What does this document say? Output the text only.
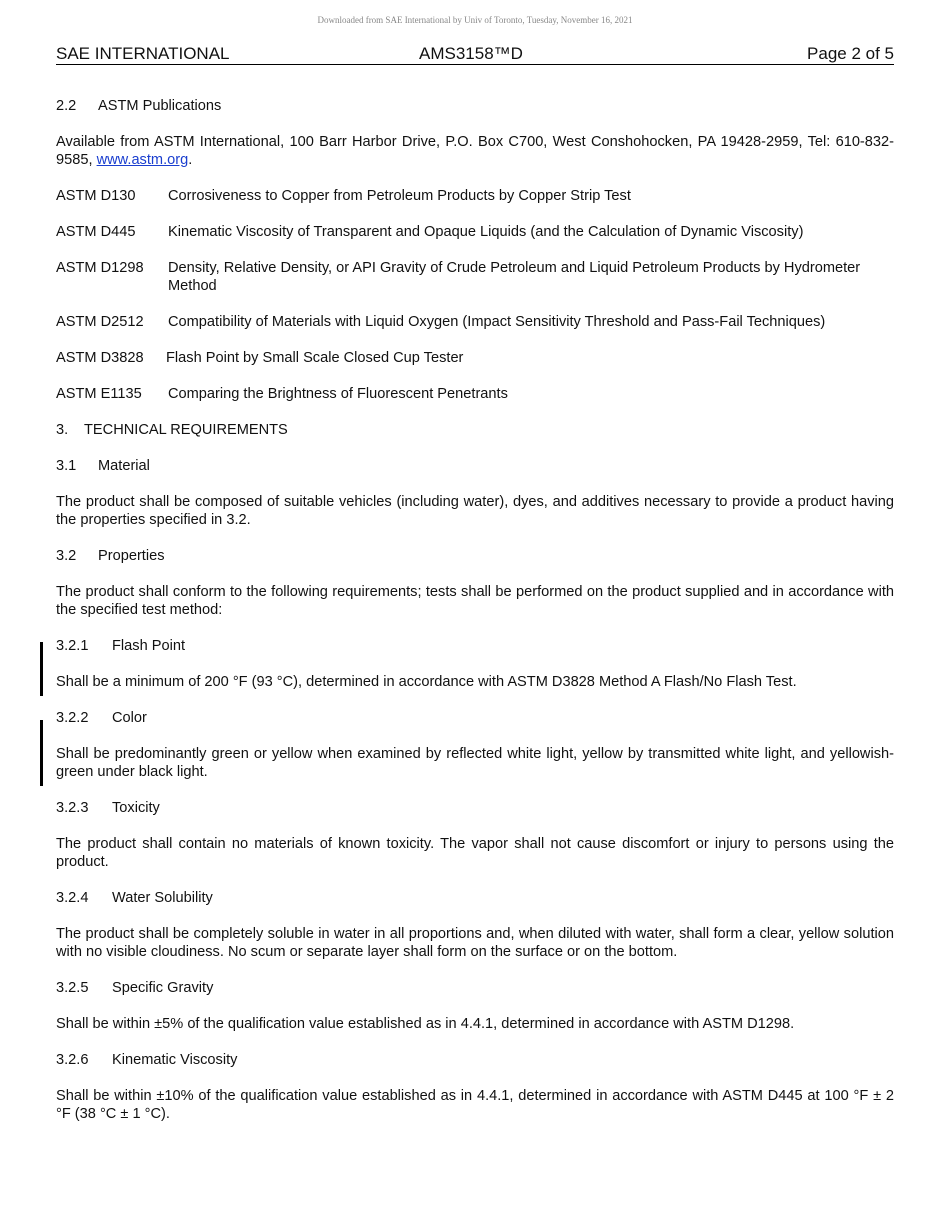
Downloaded from SAE International by Univ of Toronto, Tuesday, November 16, 2021
SAE INTERNATIONAL	AMS3158™D	Page 2 of 5
2.2 ASTM Publications
Available from ASTM International, 100 Barr Harbor Drive, P.O. Box C700, West Conshohocken, PA 19428-2959, Tel: 610-832-9585, www.astm.org.
ASTM D130	Corrosiveness to Copper from Petroleum Products by Copper Strip Test
ASTM D445	Kinematic Viscosity of Transparent and Opaque Liquids (and the Calculation of Dynamic Viscosity)
ASTM D1298	Density, Relative Density, or API Gravity of Crude Petroleum and Liquid Petroleum Products by Hydrometer Method
ASTM D2512	Compatibility of Materials with Liquid Oxygen (Impact Sensitivity Threshold and Pass-Fail Techniques)
ASTM D3828	Flash Point by Small Scale Closed Cup Tester
ASTM E1135	Comparing the Brightness of Fluorescent Penetrants
3. TECHNICAL REQUIREMENTS
3.1 Material
The product shall be composed of suitable vehicles (including water), dyes, and additives necessary to provide a product having the properties specified in 3.2.
3.2 Properties
The product shall conform to the following requirements; tests shall be performed on the product supplied and in accordance with the specified test method:
3.2.1 Flash Point
Shall be a minimum of 200 °F (93 °C), determined in accordance with ASTM D3828 Method A Flash/No Flash Test.
3.2.2 Color
Shall be predominantly green or yellow when examined by reflected white light, yellow by transmitted white light, and yellowish-green under black light.
3.2.3 Toxicity
The product shall contain no materials of known toxicity. The vapor shall not cause discomfort or injury to persons using the product.
3.2.4 Water Solubility
The product shall be completely soluble in water in all proportions and, when diluted with water, shall form a clear, yellow solution with no visible cloudiness. No scum or separate layer shall form on the surface or on the bottom.
3.2.5 Specific Gravity
Shall be within ±5% of the qualification value established as in 4.4.1, determined in accordance with ASTM D1298.
3.2.6 Kinematic Viscosity
Shall be within ±10% of the qualification value established as in 4.4.1, determined in accordance with ASTM D445 at 100 °F ± 2 °F (38 °C ± 1 °C).
